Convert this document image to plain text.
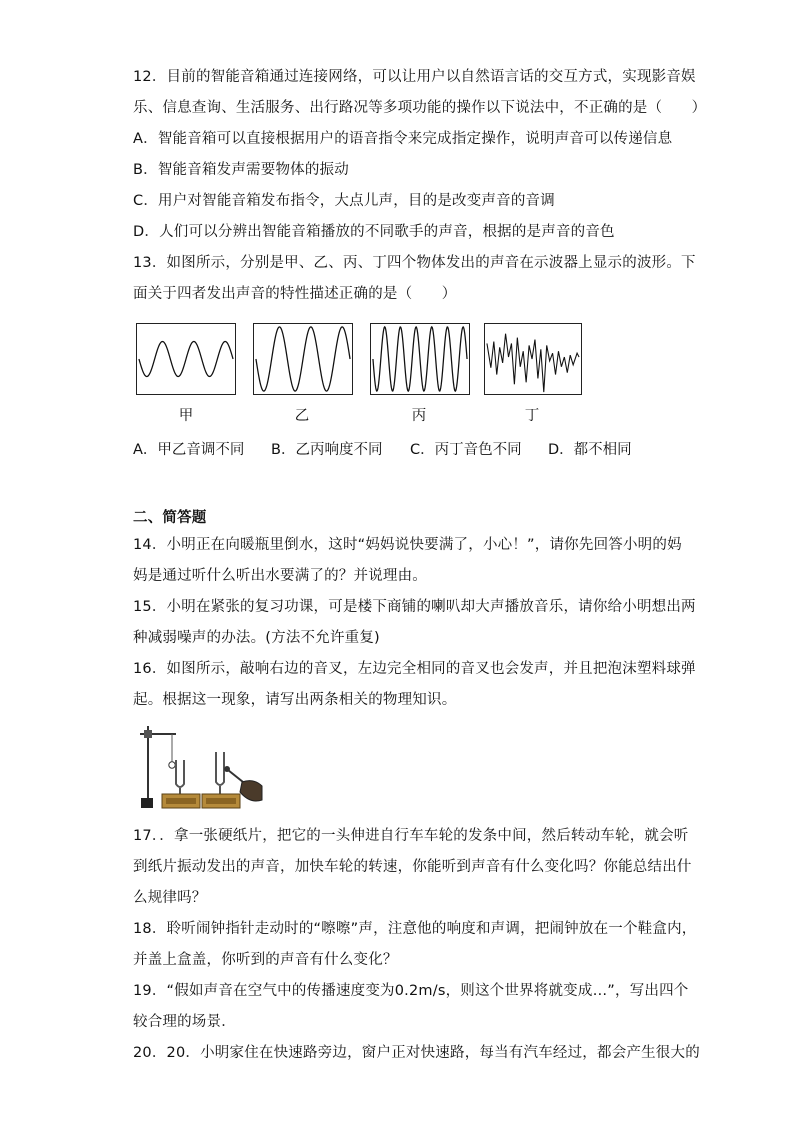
12．目前的智能音箱通过连接网络，可以让用户以自然语言话的交互方式，实现影音娱
乐、信息查询、生活服务、出行路况等多项功能的操作以下说法中，不正确的是（　　）
A．智能音箱可以直接根据用户的语音指令来完成指定操作，说明声音可以传递信息
B．智能音箱发声需要物体的振动
C．用户对智能音箱发布指令，大点儿声，目的是改变声音的音调
D．人们可以分辨出智能音箱播放的不同歌手的声音，根据的是声音的音色
13．如图所示，分别是甲、乙、丙、丁四个物体发出的声音在示波器上显示的波形。下
面关于四者发出声音的特性描述正确的是（　　）
甲	乙	丙	丁
A．甲乙音调不同 B．乙丙响度不同 C．丙丁音色不同 D．都不相同
二、简答题
14．小明正在向暖瓶里倒水，这时“妈妈说快要满了，小心！”，请你先回答小明的妈
妈是通过听什么听出水要满了的？并说理由。
15．小明在紧张的复习功课，可是楼下商铺的喇叭却大声播放音乐，请你给小明想出两
种减弱噪声的办法。(方法不允许重复)
16．如图所示，敲响右边的音叉，左边完全相同的音叉也会发声，并且把泡沫塑料球弹
起。根据这一现象，请写出两条相关的物理知识。
17．．拿一张硬纸片，把它的一头伸进自行车车轮的发条中间，然后转动车轮，就会听
到纸片振动发出的声音，加快车轮的转速，你能听到声音有什么变化吗？你能总结出什
么规律吗？
18．聆听闹钟指针走动时的“嚓嚓”声，注意他的响度和声调，把闹钟放在一个鞋盒内，
并盖上盒盖，你听到的声音有什么变化？
19．“假如声音在空气中的传播速度变为0.2m/s，则这个世界将就变成…”，写出四个
较合理的场景．
20．20．小明家住在快速路旁边，窗户正对快速路，每当有汽车经过，都会产生很大的
